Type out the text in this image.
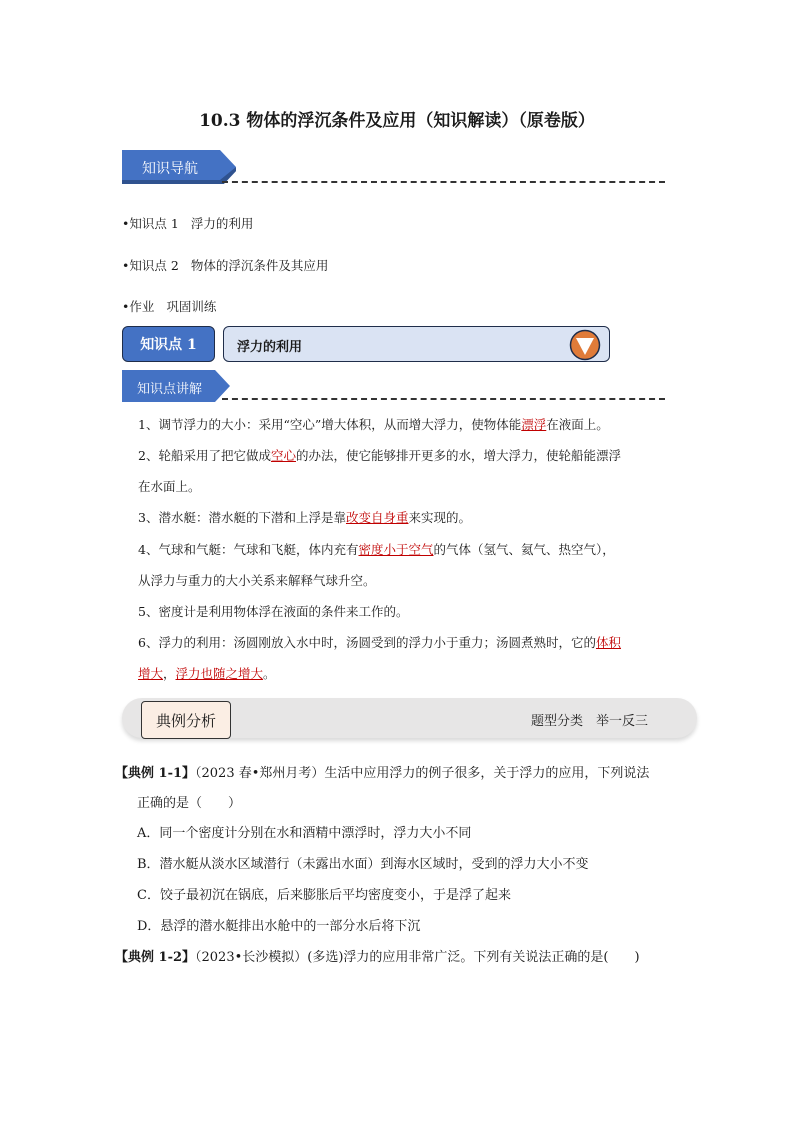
10.3 物体的浮沉条件及应用（知识解读）（原卷版）
知识导航
•知识点 1 浮力的利用
•知识点 2 物体的浮沉条件及其应用
•作业 巩固训练
知识点 1	浮力的利用
知识点讲解
1、调节浮力的大小：采用“空心”增大体积，从而增大浮力，使物体能漂浮在液面上。
2、轮船采用了把它做成空心的办法，使它能够排开更多的水，增大浮力，使轮船能漂浮
在水面上。
3、潜水艇：潜水艇的下潜和上浮是靠改变自身重来实现的。
4、气球和气艇：气球和飞艇，体内充有密度小于空气的气体（氢气、氦气、热空气），
从浮力与重力的大小关系来解释气球升空。
5、密度计是利用物体浮在液面的条件来工作的。
6、浮力的利用：汤圆刚放入水中时，汤圆受到的浮力小于重力；汤圆煮熟时，它的体积
增大，浮力也随之增大。
典例分析	题型分类　举一反三
【典例 1-1】（2023 春•郑州月考）生活中应用浮力的例子很多，关于浮力的应用，下列说法
正确的是（　　）
A．同一个密度计分别在水和酒精中漂浮时，浮力大小不同
B．潜水艇从淡水区域潜行（未露出水面）到海水区域时，受到的浮力大小不变
C．饺子最初沉在锅底，后来膨胀后平均密度变小，于是浮了起来
D．悬浮的潜水艇排出水舱中的一部分水后将下沉
【典例 1-2】（2023•长沙模拟）(多选)浮力的应用非常广泛。下列有关说法正确的是(　　)
